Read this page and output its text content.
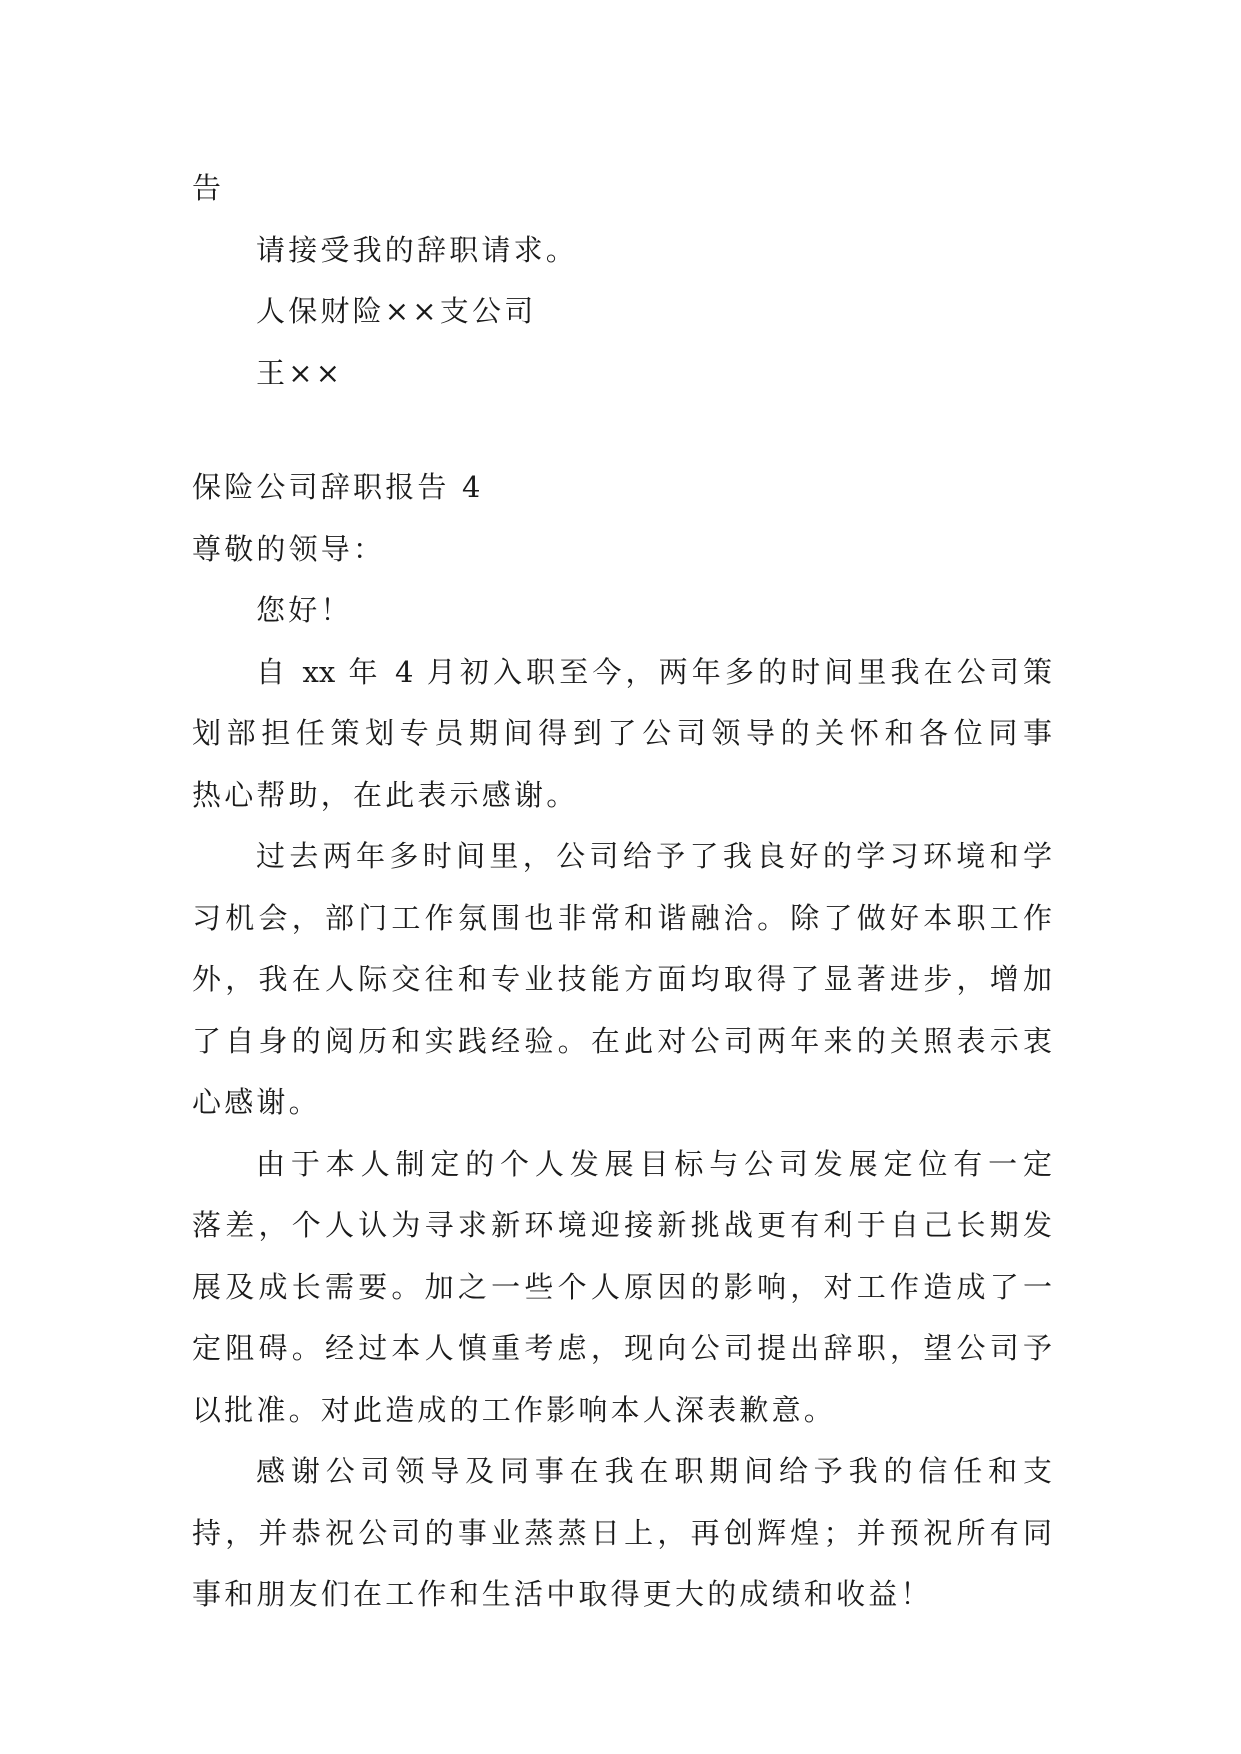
告
请接受我的辞职请求。
人保财险××支公司
王××
保险公司辞职报告 4
尊敬的领导：
您好！
自 xx 年 4 月初入职至今，两年多的时间里我在公司策
划部担任策划专员期间得到了公司领导的关怀和各位同事
热心帮助，在此表示感谢。
过去两年多时间里，公司给予了我良好的学习环境和学
习机会，部门工作氛围也非常和谐融洽。除了做好本职工作
外，我在人际交往和专业技能方面均取得了显著进步，增加
了自身的阅历和实践经验。在此对公司两年来的关照表示衷
心感谢。
由于本人制定的个人发展目标与公司发展定位有一定
落差，个人认为寻求新环境迎接新挑战更有利于自己长期发
展及成长需要。加之一些个人原因的影响，对工作造成了一
定阻碍。经过本人慎重考虑，现向公司提出辞职，望公司予
以批准。对此造成的工作影响本人深表歉意。
感谢公司领导及同事在我在职期间给予我的信任和支
持，并恭祝公司的事业蒸蒸日上，再创辉煌；并预祝所有同
事和朋友们在工作和生活中取得更大的成绩和收益！
